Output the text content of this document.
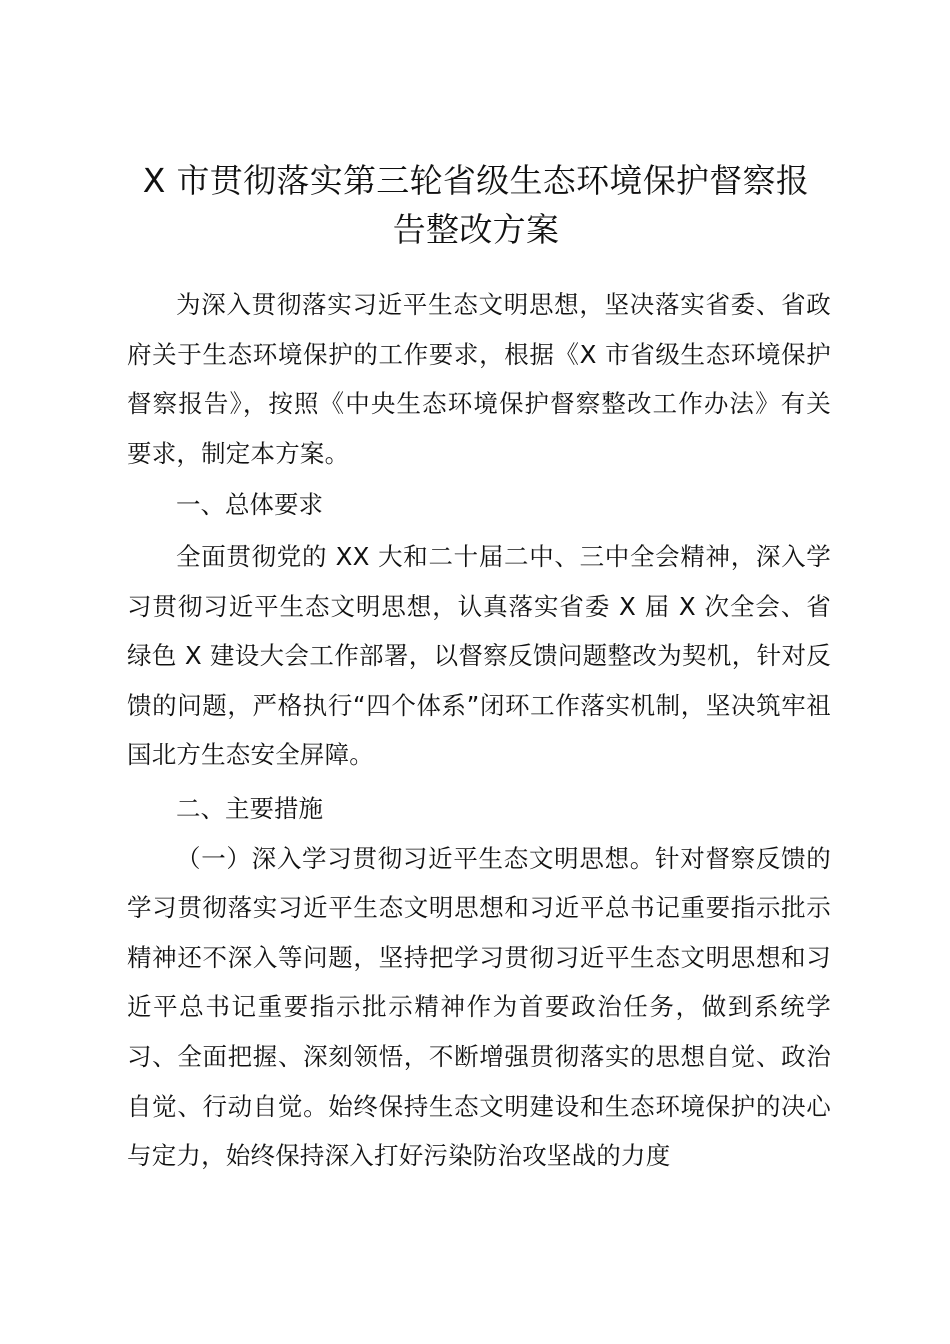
X 市贯彻落实第三轮省级生态环境保护督察报
告整改方案

为深入贯彻落实习近平生态文明思想，坚决落实省委、省政府关于生态环境保护的工作要求，根据《X 市省级生态环境保护督察报告》，按照《中央生态环境保护督察整改工作办法》有关要求，制定本方案。

一、总体要求

全面贯彻党的 XX 大和二十届二中、三中全会精神，深入学习贯彻习近平生态文明思想，认真落实省委 X 届 X 次全会、省绿色 X 建设大会工作部署，以督察反馈问题整改为契机，针对反馈的问题，严格执行“四个体系”闭环工作落实机制，坚决筑牢祖国北方生态安全屏障。

二、主要措施

（一）深入学习贯彻习近平生态文明思想。针对督察反馈的学习贯彻落实习近平生态文明思想和习近平总书记重要指示批示精神还不深入等问题，坚持把学习贯彻习近平生态文明思想和习近平总书记重要指示批示精神作为首要政治任务，做到系统学习、全面把握、深刻领悟，不断增强贯彻落实的思想自觉、政治自觉、行动自觉。始终保持生态文明建设和生态环境保护的决心与定力，始终保持深入打好污染防治攻坚战的力度
